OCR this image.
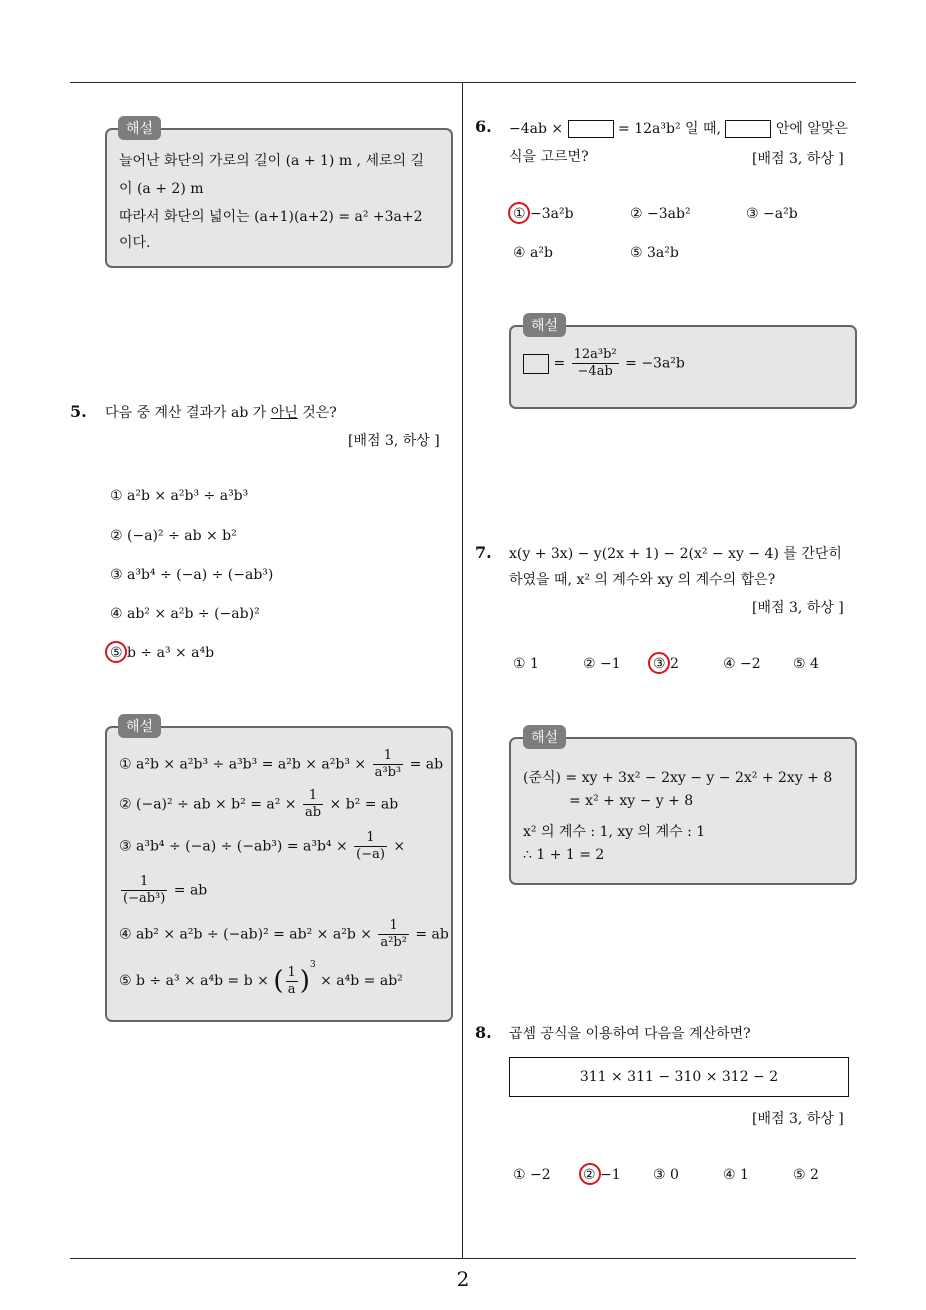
늘어난 화단의 가로의 길이 (a + 1) m , 세로의 길
이 (a + 2) m
따라서 화단의 넓이는 (a+1)(a+2) = a² +3a+2
이다.
해설
5. 다음 중 계산 결과가 ab 가 아닌 것은?
[배점 3, 하상 ]
① a²b × a²b³ ÷ a³b³
② (−a)² ÷ ab × b²
③ a³b⁴ ÷ (−a) ÷ (−ab³)
④ ab² × a²b ÷ (−ab)²
⑤ b ÷ a³ × a⁴b
① $a^2b \times a^2b^3 \div a^3b^3 = a^2b \times a^2b^3 \times \frac{1}{\text{a³b³}}$ = ab
② (−a)² ÷ ab × $b^2 = a^2 \times \frac{1}{ab} \times b^2$ = ab
③ $a^3b^4 \div (-a) \div (-ab^3) = a^3b^4 \times \frac{1}{(-a)}$ ×
$\frac{1}{\text{(−ab³)}}$ = ab
④ $ab^2 \times a^2b \div (-ab)^2 = ab^2 \times a^2b \times \frac{1}{\text{a²b²}}$ = ab
⑤ b ÷ a³ × a⁴b = b × ( $\frac{1}{a} )^3 \times a^4b = ab^2$
해설
6. −4ab ×	= 12a³b² 일 때,	안에 알맞은
식을 고르면?	[배점 3, 하상 ]
① −3a²b	② −3ab²	③ −a²b
④ a²b	⑤ 3a²b
= $\frac{\text{12a³b²}}{-4ab} = -3a^2b$
해설
7. x(y + 3x) − y(2x + 1) − 2(x² − xy − 4) 를 간단히
하였을 때, x² 의 계수와 xy 의 계수의 합은?
[배점 3, 하상 ]
① 1	② −1 ③ 2	④ −2 ⑤ 4
(준식) = xy + 3x² − 2xy − y − 2x² + 2xy + 8
= x² + xy − y + 8
x² 의 계수 : 1, xy 의 계수 : 1
∴ 1 + 1 = 2
해설
8. 곱셈 공식을 이용하여 다음을 계산하면?
311 × 311 − 310 × 312 − 2
[배점 3, 하상 ]
① −2 ② −1 ③ 0	④ 1	⑤ 2
2
